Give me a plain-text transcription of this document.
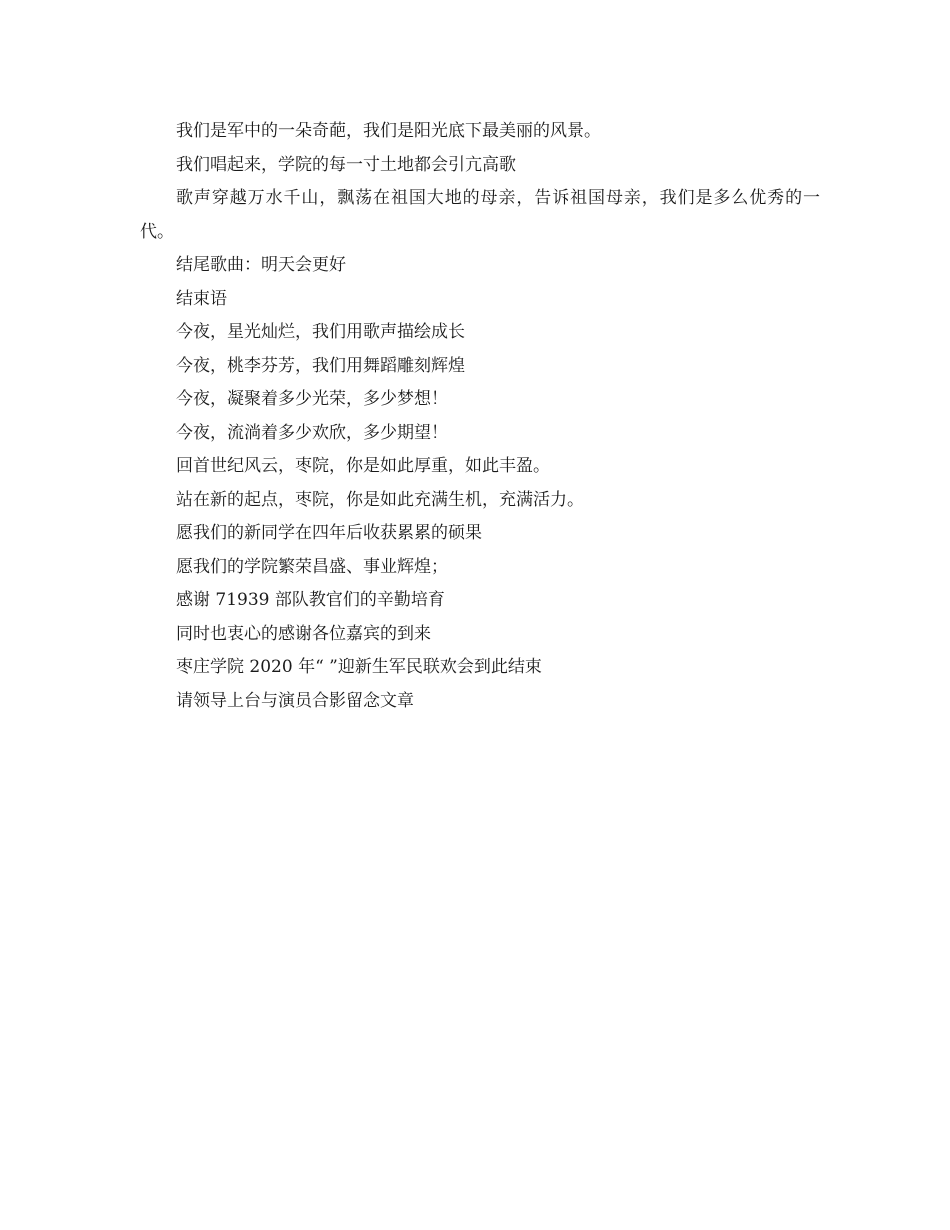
我们是军中的一朵奇葩，我们是阳光底下最美丽的风景。

我们唱起来，学院的每一寸土地都会引亢高歌

歌声穿越万水千山，飘荡在祖国大地的母亲，告诉祖国母亲，我们是多么优秀的一代。

结尾歌曲：明天会更好

结束语

今夜，星光灿烂，我们用歌声描绘成长

今夜，桃李芬芳，我们用舞蹈雕刻辉煌

今夜，凝聚着多少光荣，多少梦想！

今夜，流淌着多少欢欣，多少期望！

回首世纪风云，枣院，你是如此厚重，如此丰盈。

站在新的起点，枣院，你是如此充满生机，充满活力。

愿我们的新同学在四年后收获累累的硕果

愿我们的学院繁荣昌盛、事业辉煌；

感谢 71939 部队教官们的辛勤培育

同时也衷心的感谢各位嘉宾的到来

枣庄学院 2020 年“ ”迎新生军民联欢会到此结束

请领导上台与演员合影留念文章
